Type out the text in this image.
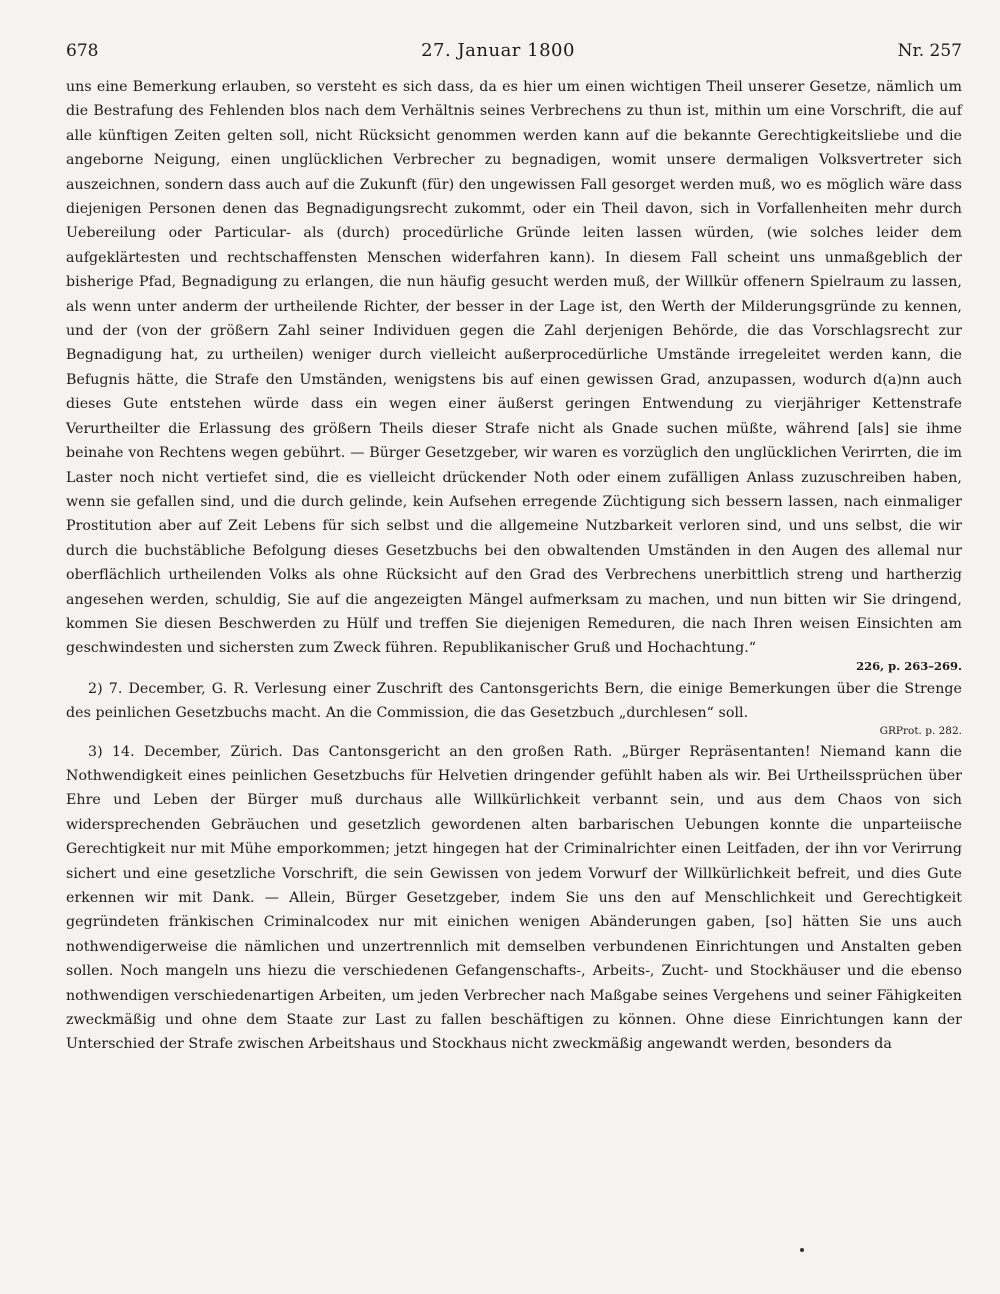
678	27. Januar 1800	Nr. 257

uns eine Bemerkung erlauben, so versteht es sich dass, da es hier um einen wichtigen Theil unserer Gesetze, nämlich um die Bestrafung des Fehlenden blos nach dem Verhältnis seines Verbrechens zu thun ist, mithin um eine Vorschrift, die auf alle künftigen Zeiten gelten soll, nicht Rücksicht genommen werden kann auf die bekannte Gerechtigkeitsliebe und die angeborne Neigung, einen unglücklichen Verbrecher zu begnadigen, womit unsere dermaligen Volksvertreter sich auszeichnen, sondern dass auch auf die Zukunft (für) den ungewissen Fall gesorget werden muß, wo es möglich wäre dass diejenigen Personen denen das Begnadigungsrecht zukommt, oder ein Theil davon, sich in Vorfallenheiten mehr durch Uebereilung oder Particular- als (durch) procedürliche Gründe leiten lassen würden, (wie solches leider dem aufgeklärtesten und rechtschaffensten Menschen widerfahren kann). In diesem Fall scheint uns unmaßgeblich der bisherige Pfad, Begnadigung zu erlangen, die nun häufig gesucht werden muß, der Willkür offenern Spielraum zu lassen, als wenn unter anderm der urtheilende Richter, der besser in der Lage ist, den Werth der Milderungsgründe zu kennen, und der (von der größern Zahl seiner Individuen gegen die Zahl derjenigen Behörde, die das Vorschlagsrecht zur Begnadigung hat, zu urtheilen) weniger durch vielleicht außerprocedürliche Umstände irregeleitet werden kann, die Befugnis hätte, die Strafe den Umständen, wenigstens bis auf einen gewissen Grad, anzupassen, wodurch d(a)nn auch dieses Gute entstehen würde dass ein wegen einer äußerst geringen Entwendung zu vierjähriger Kettenstrafe Verurtheilter die Erlassung des größern Theils dieser Strafe nicht als Gnade suchen müßte, während [als] sie ihme beinahe von Rechtens wegen gebührt. — Bürger Gesetzgeber, wir waren es vorzüglich den unglücklichen Verirrten, die im Laster noch nicht vertiefet sind, die es vielleicht drückender Noth oder einem zufälligen Anlass zuzuschreiben haben, wenn sie gefallen sind, und die durch gelinde, kein Aufsehen erregende Züchtigung sich bessern lassen, nach einmaliger Prostitution aber auf Zeit Lebens für sich selbst und die allgemeine Nutzbarkeit verloren sind, und uns selbst, die wir durch die buchstäbliche Befolgung dieses Gesetzbuchs bei den obwaltenden Umständen in den Augen des allemal nur oberflächlich urtheilenden Volks als ohne Rücksicht auf den Grad des Verbrechens unerbittlich streng und hartherzig angesehen werden, schuldig, Sie auf die angezeigten Mängel aufmerksam zu machen, und nun bitten wir Sie dringend, kommen Sie diesen Beschwerden zu Hülf und treffen Sie diejenigen Remeduren, die nach Ihren weisen Einsichten am geschwindesten und sichersten zum Zweck führen. Republikanischer Gruß und Hochachtung.“

226, p. 263–269.

2) 7. December, G. R. Verlesung einer Zuschrift des Cantonsgerichts Bern, die einige Bemerkungen über die Strenge des peinlichen Gesetzbuchs macht. An die Commission, die das Gesetzbuch „durchlesen“ soll.

GRProt. p. 282.

3) 14. December, Zürich. Das Cantonsgericht an den großen Rath. „Bürger Repräsentanten! Niemand kann die Nothwendigkeit eines peinlichen Gesetzbuchs für Helvetien dringender gefühlt haben als wir. Bei Urtheilssprüchen über Ehre und Leben der Bürger muß durchaus alle Willkürlichkeit verbannt sein, und aus dem Chaos von sich widersprechenden Gebräuchen und gesetzlich gewordenen alten barbarischen Uebungen konnte die unparteiische Gerechtigkeit nur mit Mühe emporkommen; jetzt hingegen hat der Criminalrichter einen Leitfaden, der ihn vor Verirrung sichert und eine gesetzliche Vorschrift, die sein Gewissen von jedem Vorwurf der Willkürlichkeit befreit, und dies Gute erkennen wir mit Dank. — Allein, Bürger Gesetzgeber, indem Sie uns den auf Menschlichkeit und Gerechtigkeit gegründeten fränkischen Criminalcodex nur mit einichen wenigen Abänderungen gaben, [so] hätten Sie uns auch nothwendigerweise die nämlichen und unzertrennlich mit demselben verbundenen Einrichtungen und Anstalten geben sollen. Noch mangeln uns hiezu die verschiedenen Gefangenschafts-, Arbeits-, Zucht- und Stockhäuser und die ebenso nothwendigen verschiedenartigen Arbeiten, um jeden Verbrecher nach Maßgabe seines Vergehens und seiner Fähigkeiten zweckmäßig und ohne dem Staate zur Last zu fallen beschäftigen zu können. Ohne diese Einrichtungen kann der Unterschied der Strafe zwischen Arbeitshaus und Stockhaus nicht zweckmäßig angewandt werden, besonders da
